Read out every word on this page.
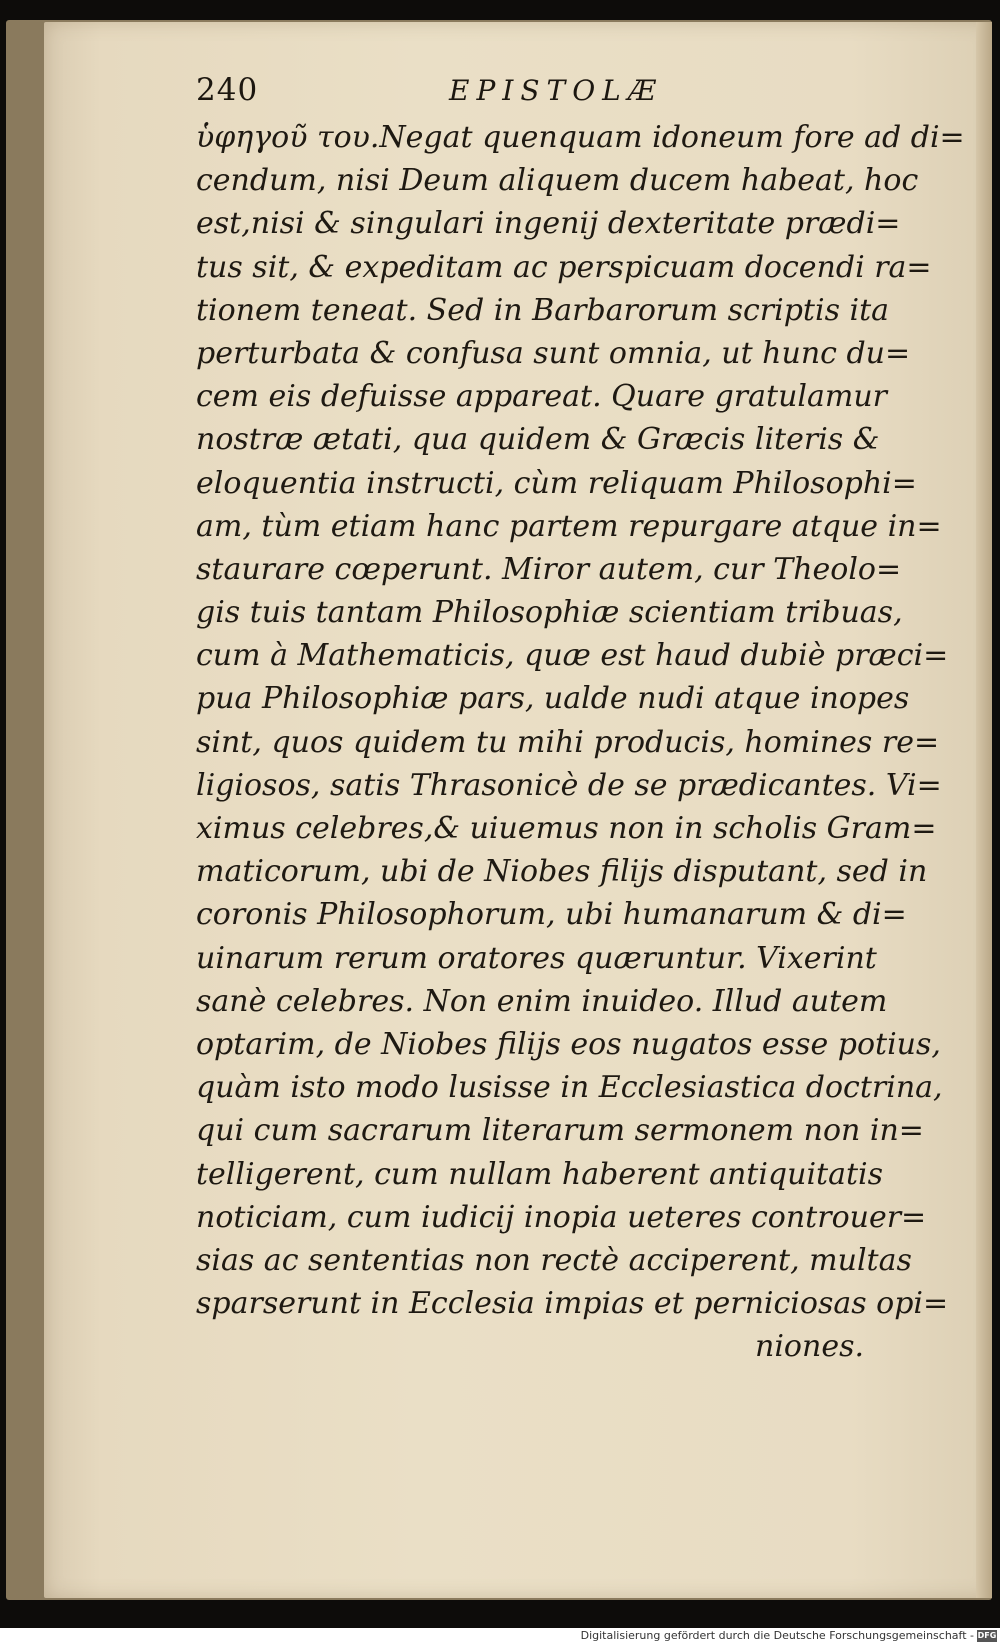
240	EPISTOLÆ
ὑφηγοῦ του.Negat quenquam idoneum fore ad di=
cendum, nisi Deum aliquem ducem habeat, hoc
est,nisi & singulari ingenij dexteritate prædi=
tus sit, & expeditam ac perspicuam docendi ra=
tionem teneat. Sed in Barbarorum scriptis ita
perturbata & confusa sunt omnia, ut hunc du=
cem eis defuisse appareat. Quare gratulamur
nostræ ætati, qua quidem & Græcis literis &
eloquentia instructi, cùm reliquam Philosophi=
am, tùm etiam hanc partem repurgare atque in=
staurare cœperunt. Miror autem, cur Theolo=
gis tuis tantam Philosophiæ scientiam tribuas,
cum à Mathematicis, quæ est haud dubiè præci=
pua Philosophiæ pars, ualde nudi atque inopes
sint, quos quidem tu mihi producis, homines re=
ligiosos, satis Thrasonicè de se prædicantes. Vi=
ximus celebres,& uiuemus non in scholis Gram=
maticorum, ubi de Niobes filijs disputant, sed in
coronis Philosophorum, ubi humanarum & di=
uinarum rerum oratores quæruntur. Vixerint
sanè celebres. Non enim inuideo. Illud autem
optarim, de Niobes filijs eos nugatos esse potius,
quàm isto modo lusisse in Ecclesiastica doctrina,
qui cum sacrarum literarum sermonem non in=
telligerent, cum nullam haberent antiquitatis
noticiam, cum iudicij inopia ueteres controuer=
sias ac sententias non rectè acciperent, multas
sparserunt in Ecclesia impias et perniciosas opi=
niones.
Digitalisierung gefördert durch die Deutsche Forschungsgemeinschaft - DFG
